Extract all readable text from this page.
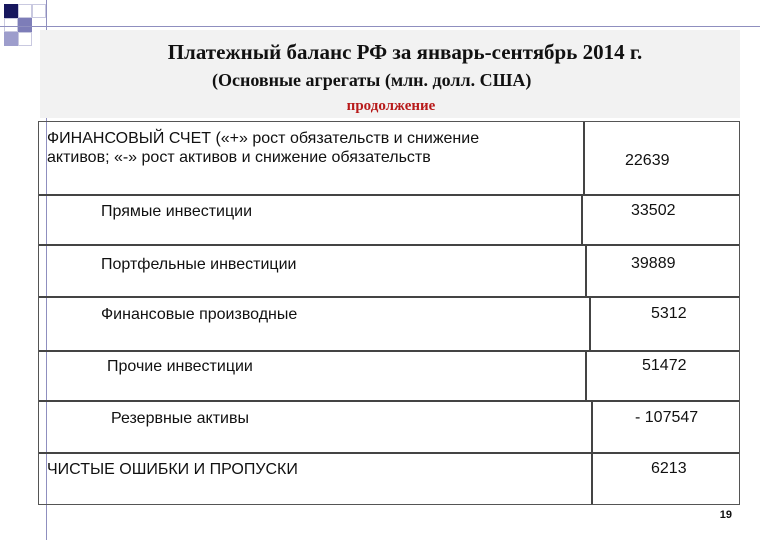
Платежный баланс РФ за январь-сентябрь 2014 г.
(Основные агрегаты (млн. долл. США)
продолжение
ФИНАНСОВЫЙ СЧЕТ («+» рост обязательств и снижение
активов; «-» рост активов и снижение обязательств	22639
Прямые инвестиции	33502
Портфельные инвестиции	39889
Финансовые производные	5312
Прочие инвестиции	51472
Резервные активы	- 107547
ЧИСТЫЕ ОШИБКИ И ПРОПУСКИ	6213
19
